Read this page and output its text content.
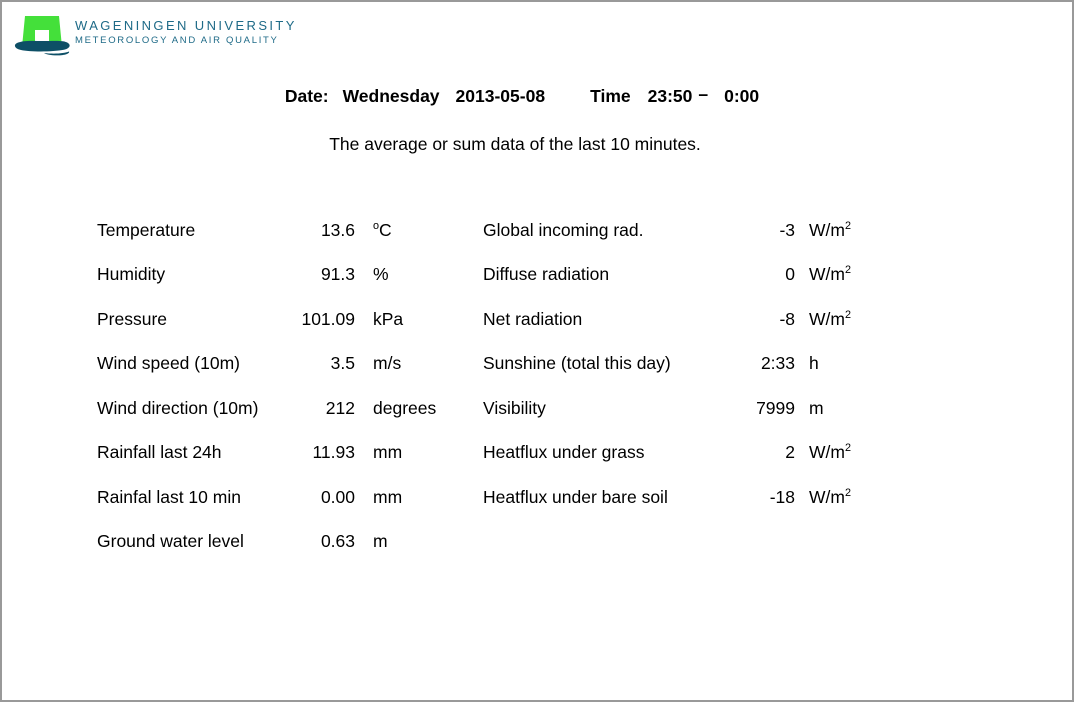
WAGENINGEN UNIVERSITY
METEOROLOGY AND AIR QUALITY
Date: Wednesday 2013-05-08	Time 23:50 – 0:00
The average or sum data of the last 10 minutes.
Temperature	13.6	$^o$C
Humidity	91.3	%
Pressure	101.09	kPa
Wind speed (10m)	3.5	m/s
Wind direction (10m)	212	degrees
Rainfall last 24h	11.93	mm
Rainfal last 10 min	0.00	mm
Ground water level	0.63	m
Global incoming rad.	-3 $W/m^2$
Diffuse radiation	0 $W/m^2$
Net radiation	-8 $W/m^2$
Sunshine (total this day)	2:33 h
Visibility	7999 m
Heatflux under grass	2 $W/m^2$
Heatflux under bare soil	-18 $W/m^2$
